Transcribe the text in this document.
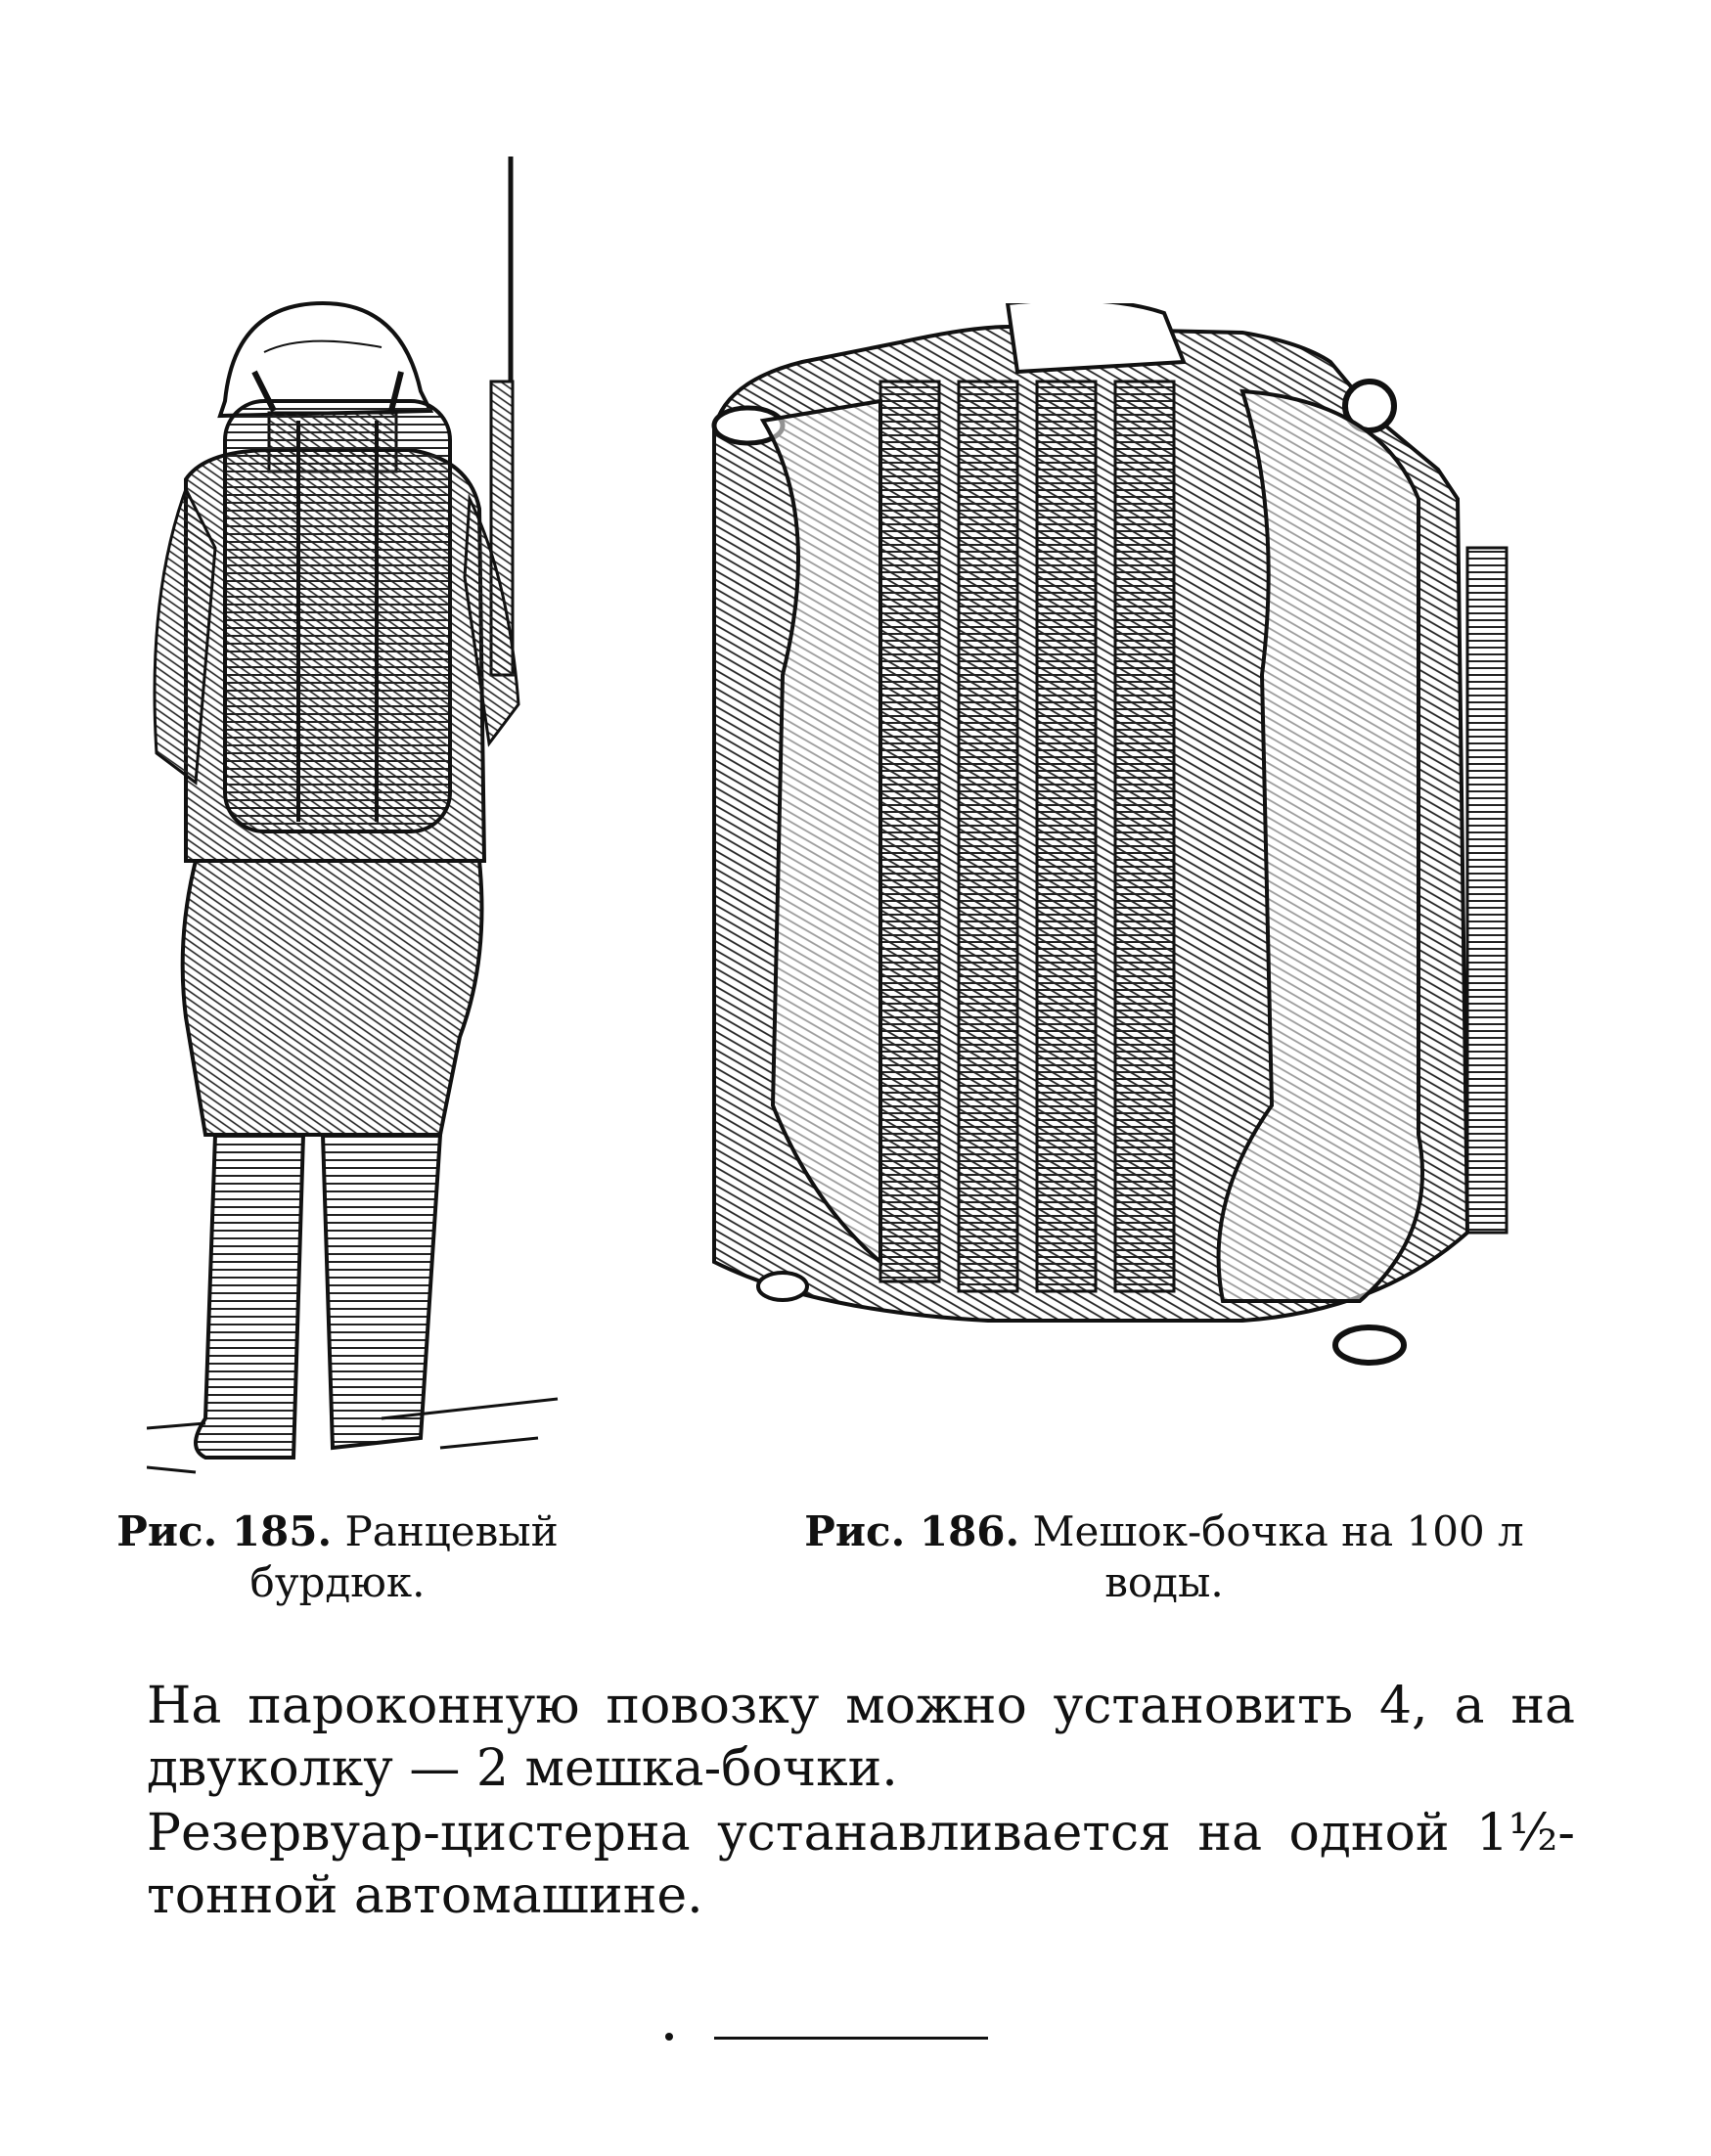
Рис. 185. Ранцевый
бурдюк.
Рис. 186. Мешок-бочка на 100 л
воды.

На пароконную повозку можно установить 4, а на двуколку — 2 мешка-бочки.

Резервуар-цистерна устанавливается на одной 1½-тонной автомашине.
